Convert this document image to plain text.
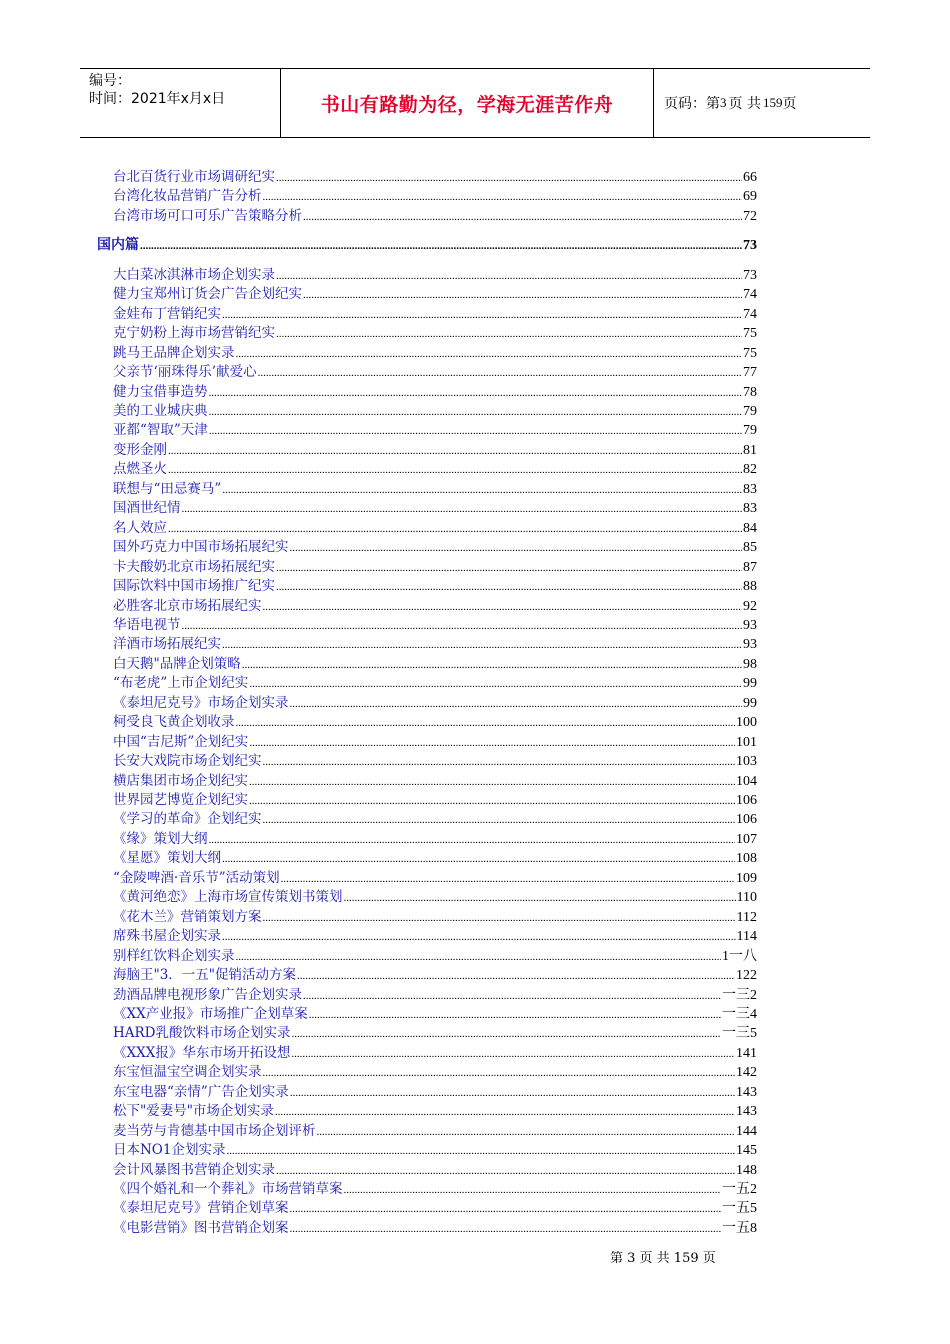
编号：
时间：2021年x月x日	书山有路勤为径，学海无涯苦作舟	页码：第 3 页 共 159 页
台北百货行业市场调研纪实 .....	66
台湾化妆品营销广告分析 .....	69
台湾市场可口可乐广告策略分析 .....	72
国内篇 .....	73
大白菜冰淇淋市场企划实录 .....	73
健力宝郑州订货会广告企划纪实 .....	74
金娃布丁营销纪实 .....	74
克宁奶粉上海市场营销纪实 .....	75
跳马王品牌企划实录 .....	75
父亲节‘丽珠得乐’献爱心 .....	77
健力宝借事造势 .....	78
美的工业城庆典 .....	79
亚都“智取”天津 .....	79
变形金刚 .....	81
点燃圣火 .....	82
联想与“田忌赛马” .....	83
国酒世纪情 .....	83
名人效应 .....	84
国外巧克力中国市场拓展纪实 .....	85
卡夫酸奶北京市场拓展纪实 .....	87
国际饮料中国市场推广纪实 .....	88
必胜客北京市场拓展纪实 .....	92
华语电视节 .....	93
洋酒市场拓展纪实 .....	93
白天鹅"品牌企划策略 .....	98
“布老虎”上市企划纪实 .....	99
《泰坦尼克号》市场企划实录 .....	99
柯受良飞黄企划收录 .....	100
中国“吉尼斯”企划纪实 .....	101
长安大戏院市场企划纪实 .....	103
横店集团市场企划纪实 .....	104
世界园艺博览企划纪实 .....	106
《学习的革命》企划纪实 .....	106
《缘》策划大纲 .....	107
《星愿》策划大纲 .....	108
“金陵啤酒·音乐节”活动策划 .....	109
《黄河绝恋》上海市场宣传策划书策划 .....	110
《花木兰》营销策划方案 .....	112
席殊书屋企划实录 .....	114
别样红饮料企划实录 .....	1一八
海脑王"3．一五"促销活动方案 .....	122
劲酒品牌电视形象广告企划实录 .....	一三2
《XX产业报》市场推广企划草案 .....	一三4
HARD乳酸饮料市场企划实录 .....	一三5
《XXX报》华东市场开拓设想 .....	141
东宝恒温宝空调企划实录 .....	142
东宝电器“亲情”广告企划实录 .....	143
松下"爱妻号"市场企划实录 .....	143
麦当劳与肯德基中国市场企划评析 .....	144
日本NO1企划实录 .....	145
会计风暴图书营销企划实录 .....	148
《四个婚礼和一个葬礼》市场营销草案 .....	一五2
《泰坦尼克号》营销企划草案 .....	一五5
《电影营销》图书营销企划案 .....	一五8
第 3 页 共 159 页
